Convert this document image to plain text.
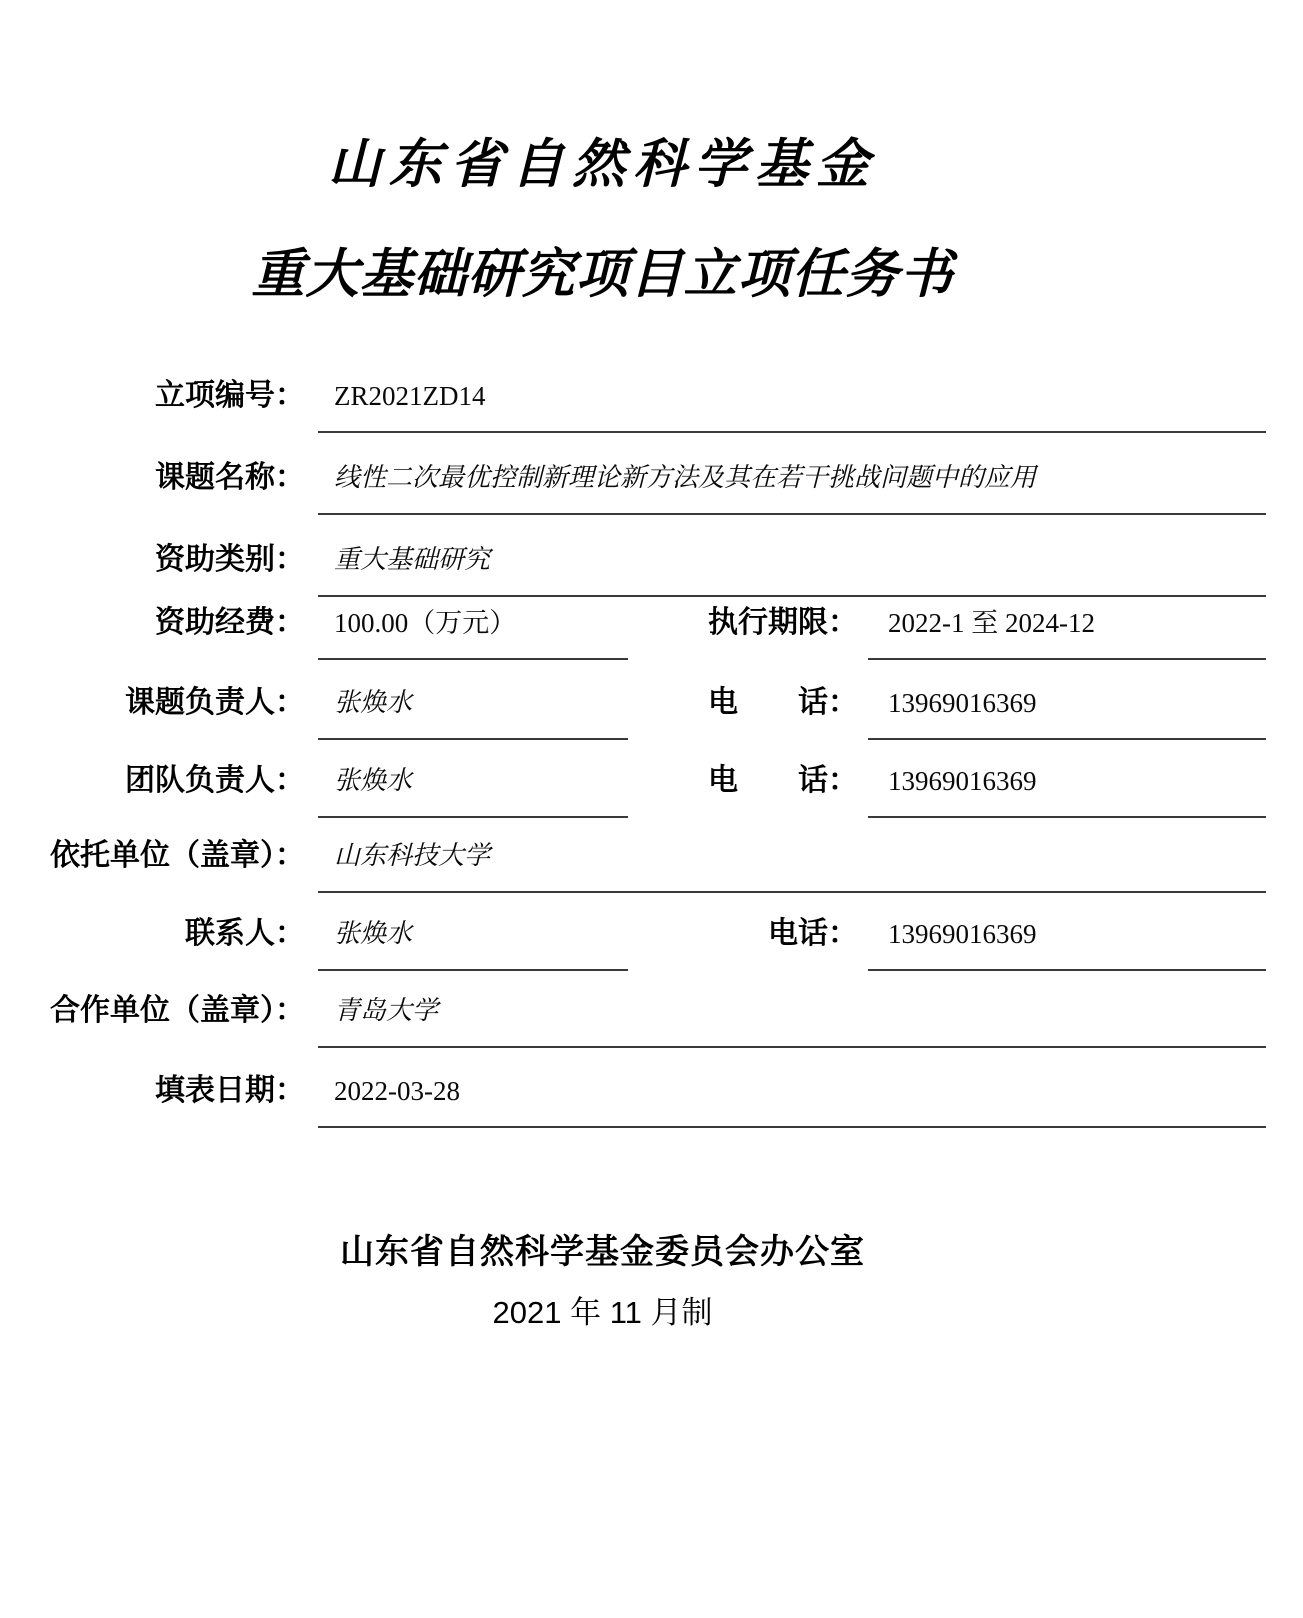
山东省自然科学基金
重大基础研究项目立项任务书
立项编号：	ZR2021ZD14
课题名称：	线性二次最优控制新理论新方法及其在若干挑战问题中的应用
资助类别：	重大基础研究
资助经费：	100.00（万元）	执行期限：	2022-1 至 2024-12
课题负责人：	张焕水	电　　话：	13969016369
团队负责人：	张焕水	电　　话：	13969016369
依托单位（盖章）：	山东科技大学
联系人：	张焕水	电话：	13969016369
合作单位（盖章）：	青岛大学
填表日期：	2022-03-28
山东省自然科学基金委员会办公室
2021 年 11 月制
